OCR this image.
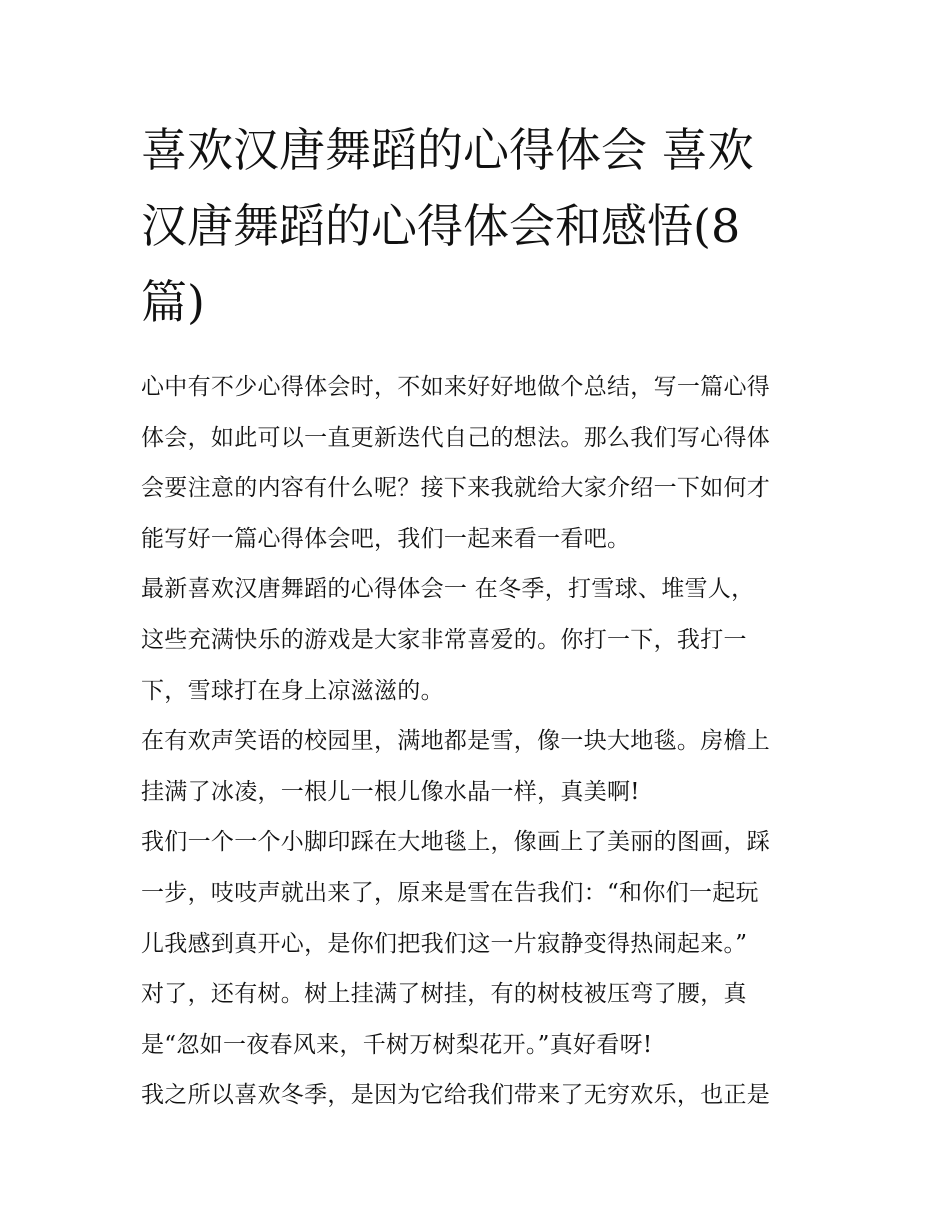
喜欢汉唐舞蹈的心得体会 喜欢
汉唐舞蹈的心得体会和感悟(8
篇)

心中有不少心得体会时，不如来好好地做个总结，写一篇心得
体会，如此可以一直更新迭代自己的想法。那么我们写心得体
会要注意的内容有什么呢？接下来我就给大家介绍一下如何才
能写好一篇心得体会吧，我们一起来看一看吧。

最新喜欢汉唐舞蹈的心得体会一 在冬季，打雪球、堆雪人，
这些充满快乐的游戏是大家非常喜爱的。你打一下，我打一
下，雪球打在身上凉滋滋的。

在有欢声笑语的校园里，满地都是雪，像一块大地毯。房檐上
挂满了冰凌，一根儿一根儿像水晶一样，真美啊!

我们一个一个小脚印踩在大地毯上，像画上了美丽的图画，踩
一步，吱吱声就出来了，原来是雪在告我们：“和你们一起玩
儿我感到真开心，是你们把我们这一片寂静变得热闹起来。”

对了，还有树。树上挂满了树挂，有的树枝被压弯了腰，真
是“忽如一夜春风来，千树万树梨花开。”真好看呀!

我之所以喜欢冬季，是因为它给我们带来了无穷欢乐，也正是
